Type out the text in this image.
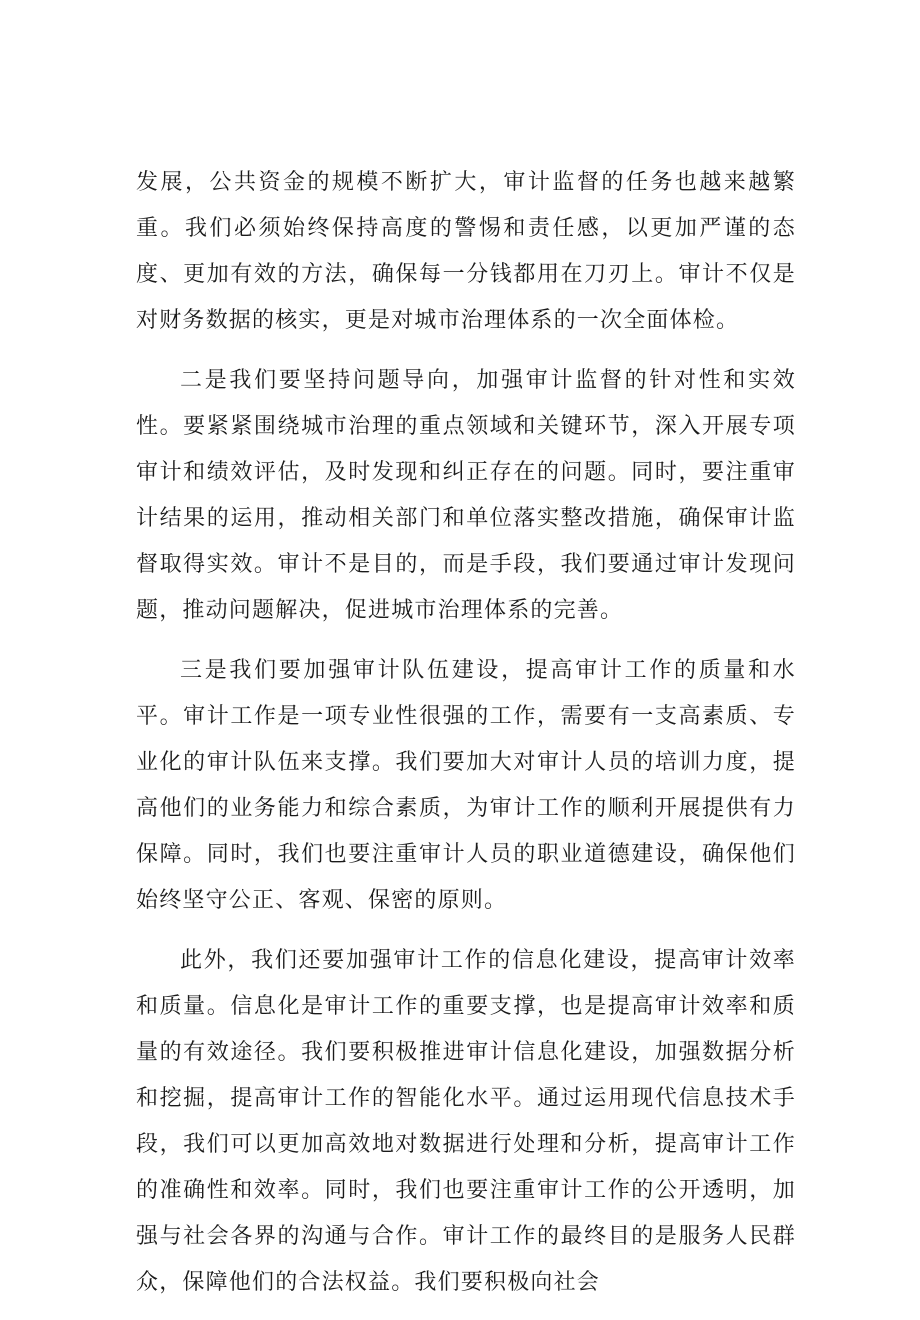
发展，公共资金的规模不断扩大，审计监督的任务也越来越繁重。我们必须始终保持高度的警惕和责任感，以更加严谨的态度、更加有效的方法，确保每一分钱都用在刀刃上。审计不仅是对财务数据的核实，更是对城市治理体系的一次全面体检。

二是我们要坚持问题导向，加强审计监督的针对性和实效性。要紧紧围绕城市治理的重点领域和关键环节，深入开展专项审计和绩效评估，及时发现和纠正存在的问题。同时，要注重审计结果的运用，推动相关部门和单位落实整改措施，确保审计监督取得实效。审计不是目的，而是手段，我们要通过审计发现问题，推动问题解决，促进城市治理体系的完善。

三是我们要加强审计队伍建设，提高审计工作的质量和水平。审计工作是一项专业性很强的工作，需要有一支高素质、专业化的审计队伍来支撑。我们要加大对审计人员的培训力度，提高他们的业务能力和综合素质，为审计工作的顺利开展提供有力保障。同时，我们也要注重审计人员的职业道德建设，确保他们始终坚守公正、客观、保密的原则。

此外，我们还要加强审计工作的信息化建设，提高审计效率和质量。信息化是审计工作的重要支撑，也是提高审计效率和质量的有效途径。我们要积极推进审计信息化建设，加强数据分析和挖掘，提高审计工作的智能化水平。通过运用现代信息技术手段，我们可以更加高效地对数据进行处理和分析，提高审计工作的准确性和效率。同时，我们也要注重审计工作的公开透明，加强与社会各界的沟通与合作。审计工作的最终目的是服务人民群众，保障他们的合法权益。我们要积极向社会
